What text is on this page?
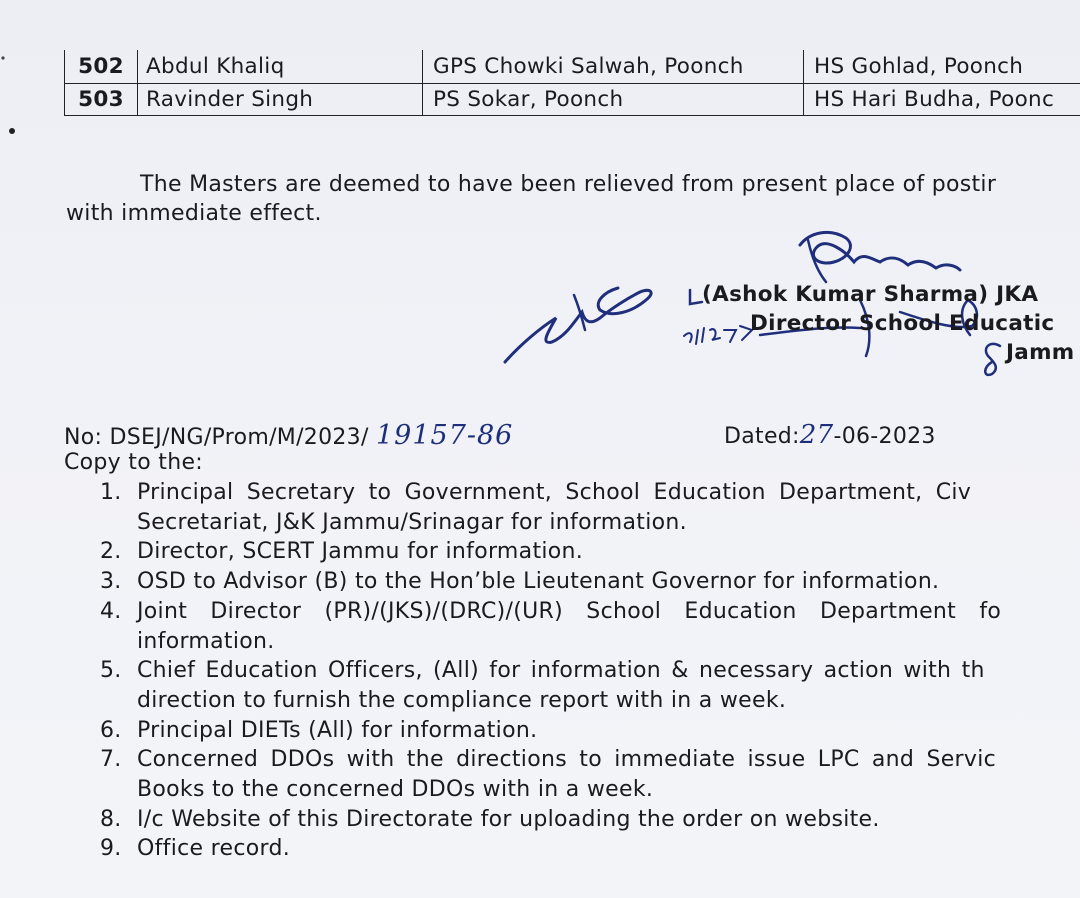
502	Abdul Khaliq	GPS Chowki Salwah, Poonch	HS Gohlad, Poonch
503	Ravinder Singh	PS Sokar, Poonch	HS Hari Budha, Poonc
The Masters are deemed to have been relieved from present place of postir
with immediate effect.
(Ashok Kumar Sharma) JKA
Director School Educatic
Jamm
No: DSEJ/NG/Prom/M/2023/ 19157-86	Dated:27-06-2023
Copy to the:
1. Principal Secretary to Government, School Education Department, Civ
Secretariat, J&K Jammu/Srinagar for information.
2. Director, SCERT Jammu for information.
3. OSD to Advisor (B) to the Hon’ble Lieutenant Governor for information.
4. Joint Director (PR)/(JKS)/(DRC)/(UR) School Education Department fo
information.
5. Chief Education Officers, (All) for information & necessary action with th
direction to furnish the compliance report with in a week.
6. Principal DIETs (All) for information.
7. Concerned DDOs with the directions to immediate issue LPC and Servic
Books to the concerned DDOs with in a week.
8. I/c Website of this Directorate for uploading the order on website.
9. Office record.
